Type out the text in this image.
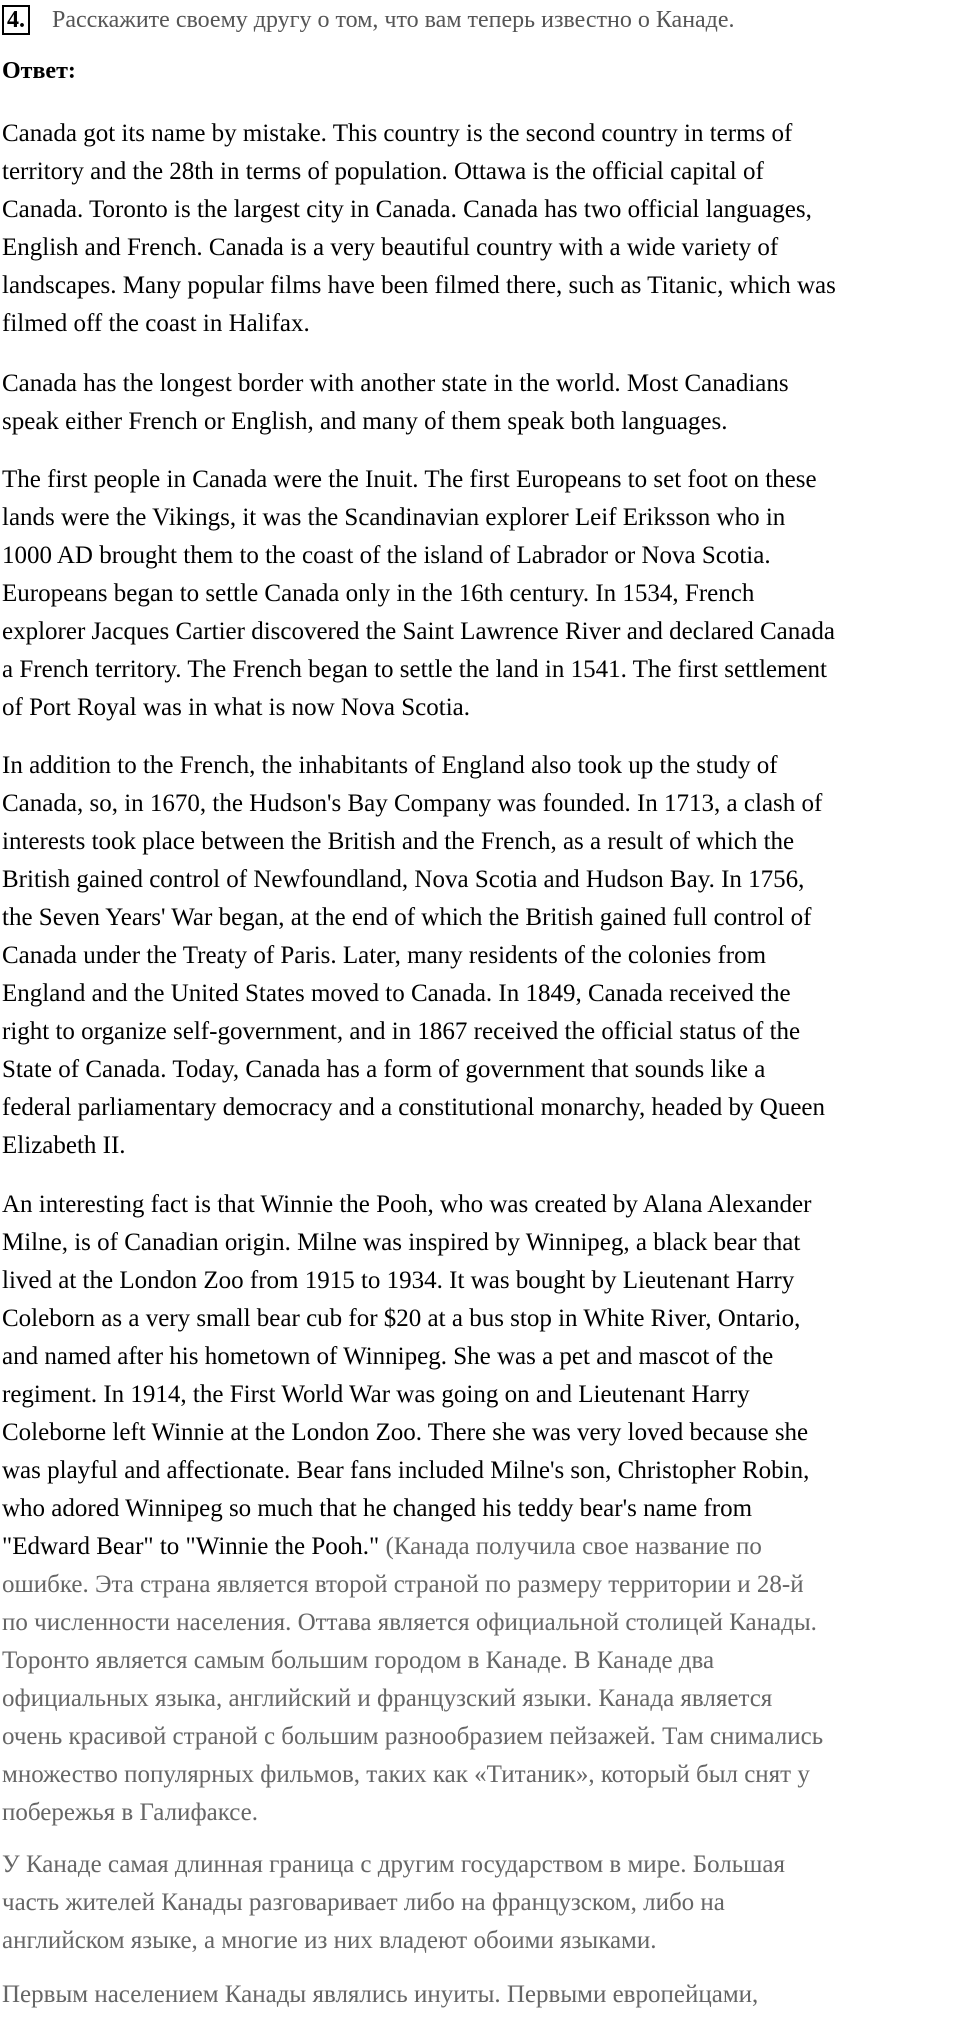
4. Расскажите своему другу о том, что вам теперь известно о Канаде.
Ответ:

Canada got its name by mistake. This country is the second country in terms of
territory and the 28th in terms of population. Ottawa is the official capital of
Canada. Toronto is the largest city in Canada. Canada has two official languages,
English and French. Canada is a very beautiful country with a wide variety of
landscapes. Many popular films have been filmed there, such as Titanic, which was
filmed off the coast in Halifax.

Canada has the longest border with another state in the world. Most Canadians
speak either French or English, and many of them speak both languages.

The first people in Canada were the Inuit. The first Europeans to set foot on these
lands were the Vikings, it was the Scandinavian explorer Leif Eriksson who in
1000 AD brought them to the coast of the island of Labrador or Nova Scotia.
Europeans began to settle Canada only in the 16th century. In 1534, French
explorer Jacques Cartier discovered the Saint Lawrence River and declared Canada
a French territory. The French began to settle the land in 1541. The first settlement
of Port Royal was in what is now Nova Scotia.

In addition to the French, the inhabitants of England also took up the study of
Canada, so, in 1670, the Hudson's Bay Company was founded. In 1713, a clash of
interests took place between the British and the French, as a result of which the
British gained control of Newfoundland, Nova Scotia and Hudson Bay. In 1756,
the Seven Years' War began, at the end of which the British gained full control of
Canada under the Treaty of Paris. Later, many residents of the colonies from
England and the United States moved to Canada. In 1849, Canada received the
right to organize self-government, and in 1867 received the official status of the
State of Canada. Today, Canada has a form of government that sounds like a
federal parliamentary democracy and a constitutional monarchy, headed by Queen
Elizabeth II.

An interesting fact is that Winnie the Pooh, who was created by Alana Alexander
Milne, is of Canadian origin. Milne was inspired by Winnipeg, a black bear that
lived at the London Zoo from 1915 to 1934. It was bought by Lieutenant Harry
Coleborn as a very small bear cub for $20 at a bus stop in White River, Ontario,
and named after his hometown of Winnipeg. She was a pet and mascot of the
regiment. In 1914, the First World War was going on and Lieutenant Harry
Coleborne left Winnie at the London Zoo. There she was very loved because she
was playful and affectionate. Bear fans included Milne's son, Christopher Robin,
who adored Winnipeg so much that he changed his teddy bear's name from
"Edward Bear" to "Winnie the Pooh." (Канада получила свое название по
ошибке. Эта страна является второй страной по размеру территории и 28-й
по численности населения. Оттава является официальной столицей Канады.
Торонто является самым большим городом в Канаде. В Канаде два
официальных языка, английский и французский языки. Канада является
очень красивой страной с большим разнообразием пейзажей. Там снимались
множество популярных фильмов, таких как «Титаник», который был снят у
побережья в Галифаксе.

У Канаде самая длинная граница с другим государством в мире. Большая
часть жителей Канады разговаривает либо на французском, либо на
английском языке, а многие из них владеют обоими языками.

Первым населением Канады являлись инуиты. Первыми европейцами,
